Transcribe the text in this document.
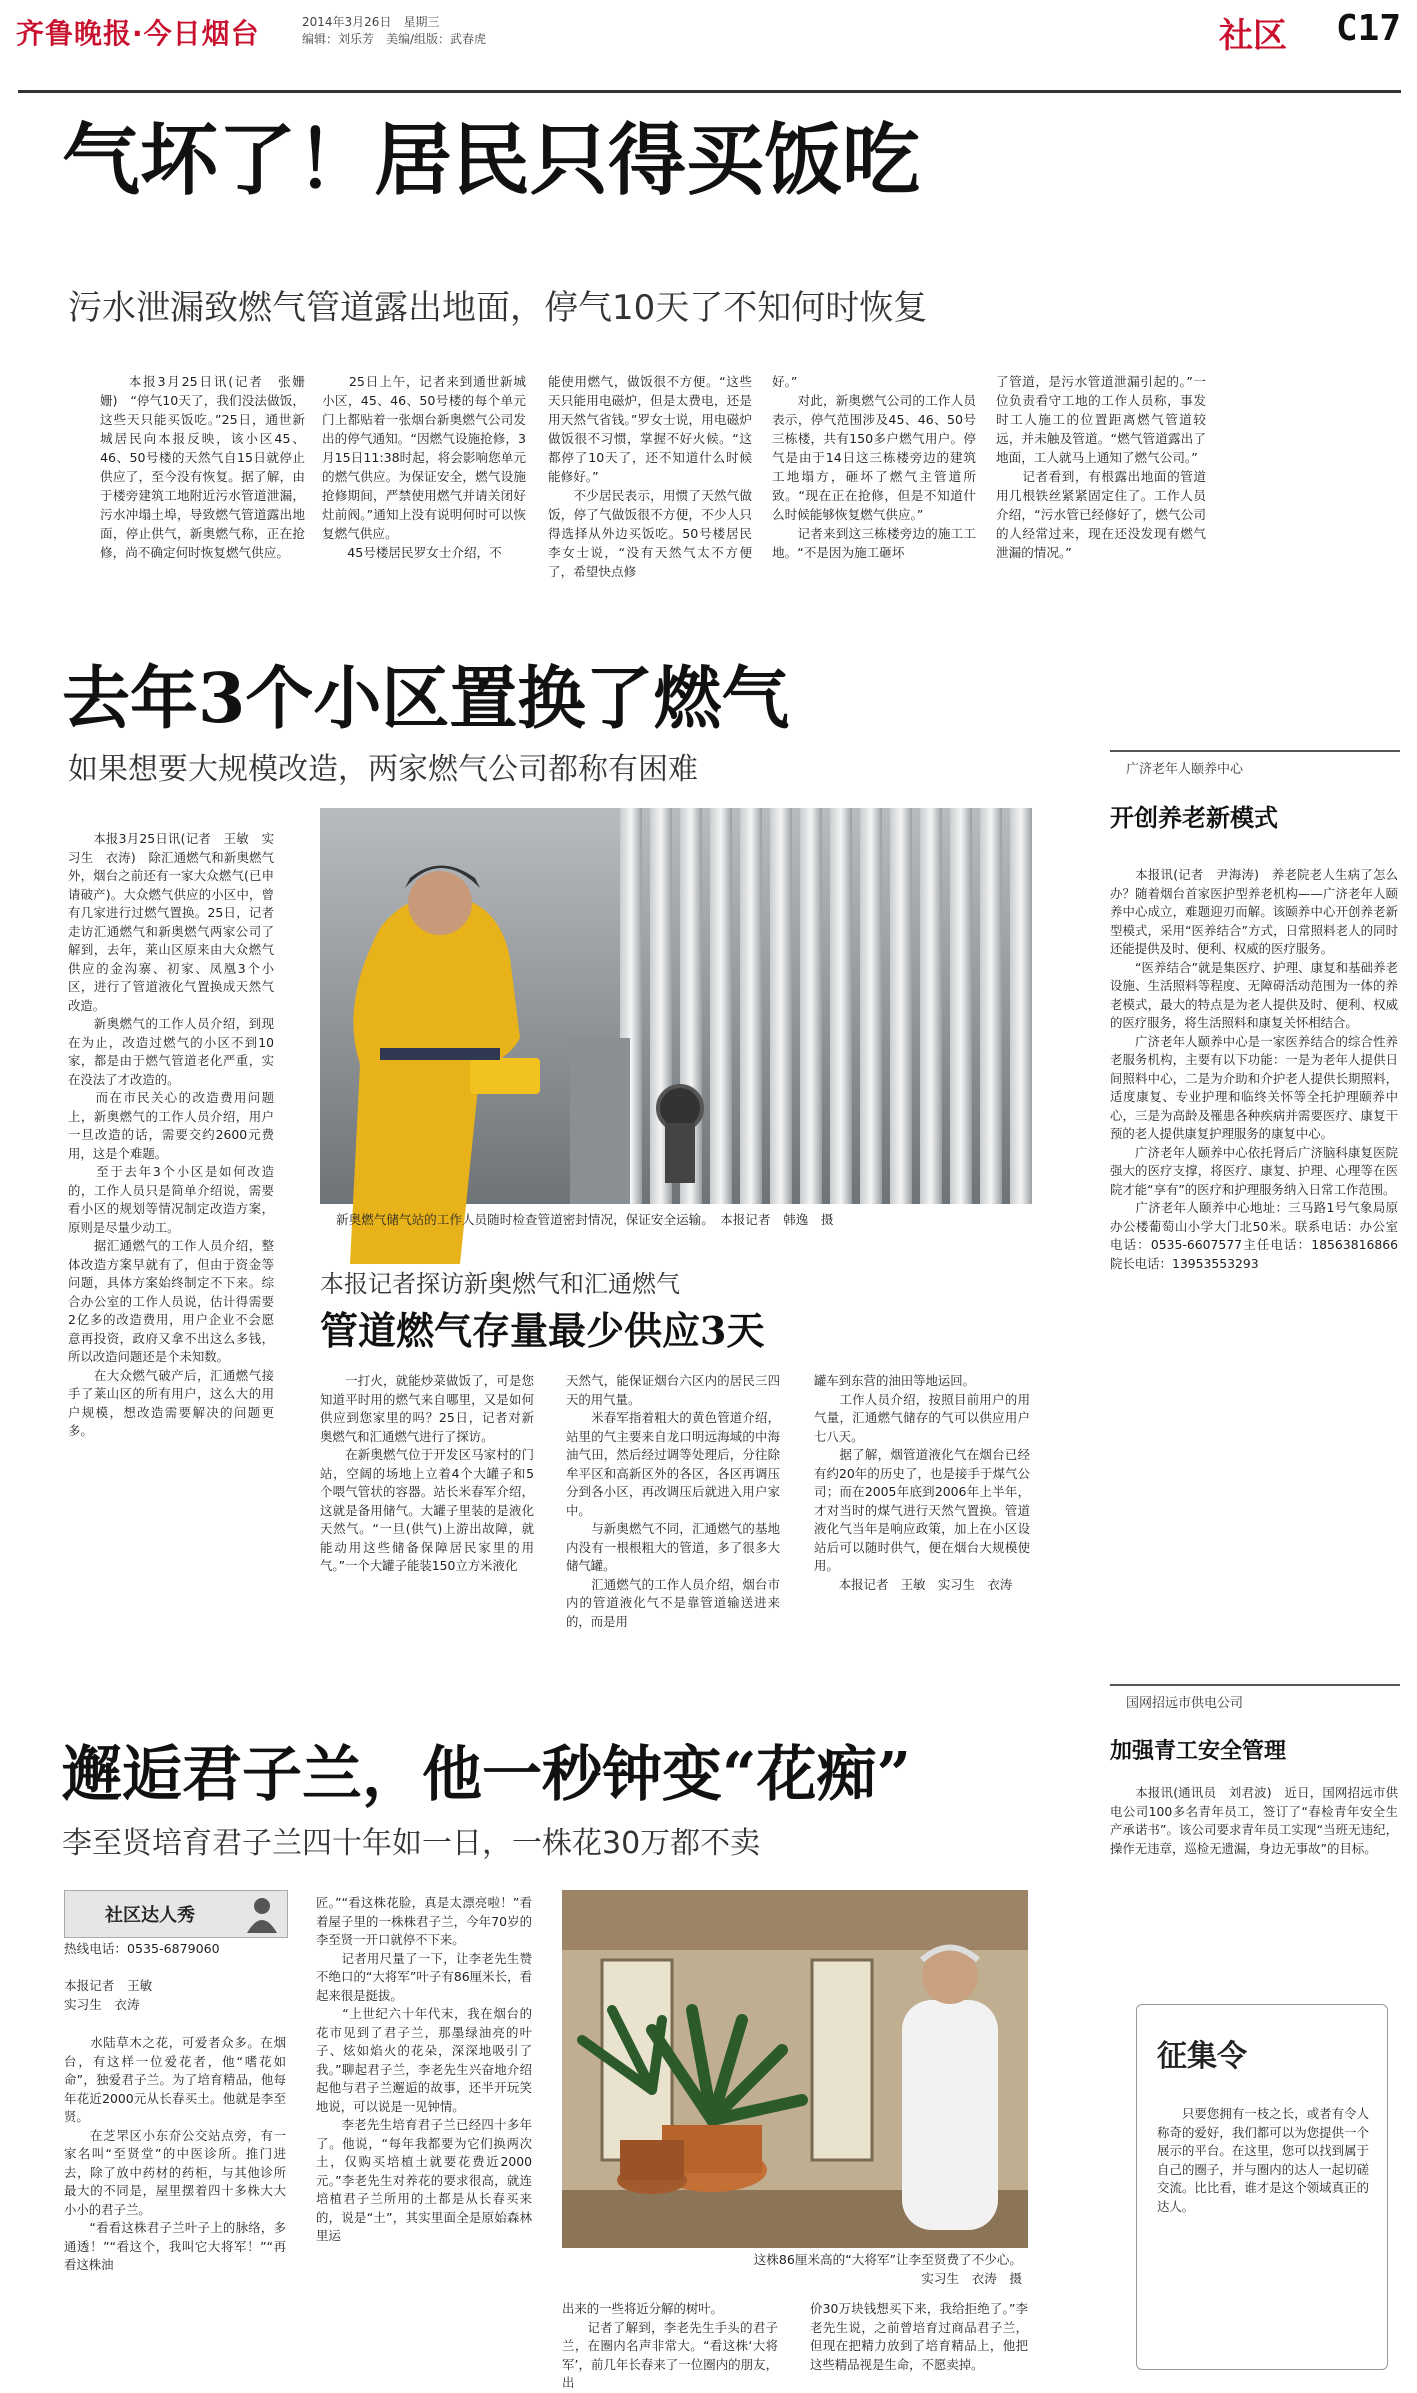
齐鲁晚报·今日烟台	2014年3月26日　星期三
编辑：刘乐芳　美编/组版：武春虎	社区 C17
气坏了！居民只得买饭吃
污水泄漏致燃气管道露出地面，停气10天了不知何时恢复
　　本报3月25日讯(记者　张姗姗)　“停气10天了，我们没法做饭，这些天只能买饭吃。”25日，通世新城居民向本报反映，该小区45、46、50号楼的天然气自15日就停止供应了，至今没有恢复。据了解，由于楼旁建筑工地附近污水管道泄漏，污水冲塌土埠，导致燃气管道露出地面，停止供气，新奥燃气称，正在抢修，尚不确定何时恢复燃气供应。
　　25日上午，记者来到通世新城小区，45、46、50号楼的每个单元门上都贴着一张烟台新奥燃气公司发出的停气通知。“因燃气设施抢修，3月15日11:38时起，将会影响您单元的燃气供应。为保证安全，燃气设施抢修期间，严禁使用燃气并请关闭好灶前阀。”通知上没有说明何时可以恢复燃气供应。
　　45号楼居民罗女士介绍，不
能使用燃气，做饭很不方便。“这些天只能用电磁炉，但是太费电，还是用天然气省钱。”罗女士说，用电磁炉做饭很不习惯，掌握不好火候。“这都停了10天了，还不知道什么时候能修好。”
　　不少居民表示，用惯了天然气做饭，停了气做饭很不方便，不少人只得选择从外边买饭吃。50号楼居民李女士说，“没有天然气太不方便了，希望快点修
好。”
　　对此，新奥燃气公司的工作人员表示，停气范围涉及45、46、50号三栋楼，共有150多户燃气用户。停气是由于14日这三栋楼旁边的建筑工地塌方，砸坏了燃气主管道所致。“现在正在抢修，但是不知道什么时候能够恢复燃气供应。”
　　记者来到这三栋楼旁边的施工工地。“不是因为施工砸坏
了管道，是污水管道泄漏引起的。”一位负责看守工地的工作人员称，事发时工人施工的位置距离燃气管道较远，并未触及管道。“燃气管道露出了地面，工人就马上通知了燃气公司。”
　　记者看到，有根露出地面的管道用几根铁丝紧紧固定住了。工作人员介绍，“污水管已经修好了，燃气公司的人经常过来，现在还没发现有燃气泄漏的情况。”
去年3个小区置换了燃气
如果想要大规模改造，两家燃气公司都称有困难
　　本报3月25日讯(记者　王敏　实习生　衣涛)　除汇通燃气和新奥燃气外，烟台之前还有一家大众燃气(已申请破产)。大众燃气供应的小区中，曾有几家进行过燃气置换。25日，记者走访汇通燃气和新奥燃气两家公司了解到，去年，莱山区原来由大众燃气供应的金沟寨、初家、凤凰3个小区，进行了管道液化气置换成天然气改造。
　　新奥燃气的工作人员介绍，到现在为止，改造过燃气的小区不到10家，都是由于燃气管道老化严重，实在没法了才改造的。
　　而在市民关心的改造费用问题上，新奥燃气的工作人员介绍，用户一旦改造的话，需要交约2600元费用，这是个难题。
　　至于去年3个小区是如何改造的，工作人员只是简单介绍说，需要看小区的规划等情况制定改造方案，原则是尽量少动工。
　　据汇通燃气的工作人员介绍，整体改造方案早就有了，但由于资金等问题，具体方案始终制定不下来。综合办公室的工作人员说，估计得需要2亿多的改造费用，用户企业不会愿意再投资，政府又拿不出这么多钱，所以改造问题还是个未知数。
　　在大众燃气破产后，汇通燃气接手了莱山区的所有用户，这么大的用户规模，想改造需要解决的问题更多。
新奥燃气储气站的工作人员随时检查管道密封情况，保证安全运输。　本报记者　韩逸　摄
本报记者探访新奥燃气和汇通燃气
管道燃气存量最少供应3天
　　一打火，就能炒菜做饭了，可是您知道平时用的燃气来自哪里，又是如何供应到您家里的吗？25日，记者对新奥燃气和汇通燃气进行了探访。
　　在新奥燃气位于开发区马家村的门站，空阔的场地上立着4个大罐子和5个喂气管状的容器。站长米春军介绍，这就是备用储气。大罐子里装的是液化天然气。“一旦(供气)上游出故障，就能动用这些储备保障居民家里的用气。”一个大罐子能装150立方米液化
天然气，能保证烟台六区内的居民三四天的用气量。
　　米春军指着粗大的黄色管道介绍，站里的气主要来自龙口明远海域的中海油气田，然后经过调等处理后，分往除牟平区和高新区外的各区，各区再调压分到各小区，再改调压后就进入用户家中。
　　与新奥燃气不同，汇通燃气的基地内没有一根根粗大的管道，多了很多大储气罐。
　　汇通燃气的工作人员介绍，烟台市内的管道液化气不是靠管道输送进来的，而是用
罐车到东营的油田等地运回。
　　工作人员介绍，按照目前用户的用气量，汇通燃气储存的气可以供应用户七八天。
　　据了解，烟管道液化气在烟台已经有约20年的历史了，也是接手于煤气公司；而在2005年底到2006年上半年，才对当时的煤气进行天然气置换。管道液化气当年是响应政策，加上在小区设站后可以随时供气，便在烟台大规模使用。
　　本报记者　王敏　实习生　衣涛
广济老年人颐养中心
开创养老新模式
　　本报讯(记者　尹海涛)　养老院老人生病了怎么办？随着烟台首家医护型养老机构——广济老年人颐养中心成立，难题迎刃而解。该颐养中心开创养老新型模式，采用“医养结合”方式，日常照料老人的同时还能提供及时、便利、权威的医疗服务。
　　“医养结合”就是集医疗、护理、康复和基础养老设施、生活照料等程度、无障碍活动范围为一体的养老模式，最大的特点是为老人提供及时、便利、权威的医疗服务，将生活照料和康复关怀相结合。
　　广济老年人颐养中心是一家医养结合的综合性养老服务机构，主要有以下功能：一是为老年人提供日间照料中心，二是为介助和介护老人提供长期照料，适度康复、专业护理和临终关怀等全托护理颐养中心，三是为高龄及罹患各种疾病并需要医疗、康复干预的老人提供康复护理服务的康复中心。
　　广济老年人颐养中心依托肾后广济脑科康复医院强大的医疗支撑，将医疗、康复、护理、心理等在医院才能“享有”的医疗和护理服务纳入日常工作范围。
　　广济老年人颐养中心地址：三马路1号气象局原办公楼葡萄山小学大门北50米。联系电话：办公室电话：0535-6607577主任电话：18563816866　院长电话：13953553293
国网招远市供电公司
加强青工安全管理
　　本报讯(通讯员　刘君波)　近日，国网招远市供电公司100多名青年员工，签订了“春检青年安全生产承诺书”。该公司要求青年员工实现“当班无违纪，操作无违章，巡检无遗漏，身边无事故”的目标。
征集令
　　只要您拥有一枝之长，或者有令人称奇的爱好，我们都可以为您提供一个展示的平台。在这里，您可以找到属于自己的圈子，并与圈内的达人一起切磋交流。比比看，谁才是这个领域真正的达人。
邂逅君子兰，他一秒钟变“花痴”
李至贤培育君子兰四十年如一日，一株花30万都不卖
社区达人秀
热线电话：0535-6879060
本报记者　王敏
实习生　衣涛
　　水陆草木之花，可爱者众多。在烟台，有这样一位爱花者，他“嗜花如命”，独爱君子兰。为了培育精品，他每年花近2000元从长春买土。他就是李至贤。
　　在芝罘区小东夼公交站点旁，有一家名叫“至贤堂”的中医诊所。推门进去，除了放中药材的药柜，与其他诊所最大的不同是，屋里摆着四十多株大大小小的君子兰。
　　“看看这株君子兰叶子上的脉络，多通透！”“看这个，我叫它大将军！”“再看这株油
匠。”“看这株花脸，真是太漂亮啦！”看着屋子里的一株株君子兰，今年70岁的李至贤一开口就停不下来。
　　记者用尺量了一下，让李老先生赞不绝口的“大将军”叶子有86厘米长，看起来很是挺拔。
　　“上世纪六十年代末，我在烟台的花市见到了君子兰，那墨绿油亮的叶子、炫如焰火的花朵，深深地吸引了我。”聊起君子兰，李老先生兴奋地介绍起他与君子兰邂逅的故事，还半开玩笑地说，可以说是一见钟情。
　　李老先生培育君子兰已经四十多年了。他说，“每年我都要为它们换两次土，仅购买培植土就要花费近2000元。”李老先生对养花的要求很高，就连培植君子兰所用的土都是从长春买来的，说是“土”，其实里面全是原始森林里运
这株86厘米高的“大将军”让李至贤费了不少心。
实习生　衣涛　摄
出来的一些将近分解的树叶。
　　记者了解到，李老先生手头的君子兰，在圈内名声非常大。“看这株‘大将军’，前几年长春来了一位圈内的朋友，出
价30万块钱想买下来，我给拒绝了。”李老先生说，之前曾培育过商品君子兰，但现在把精力放到了培育精品上，他把这些精品视是生命，不愿卖掉。
